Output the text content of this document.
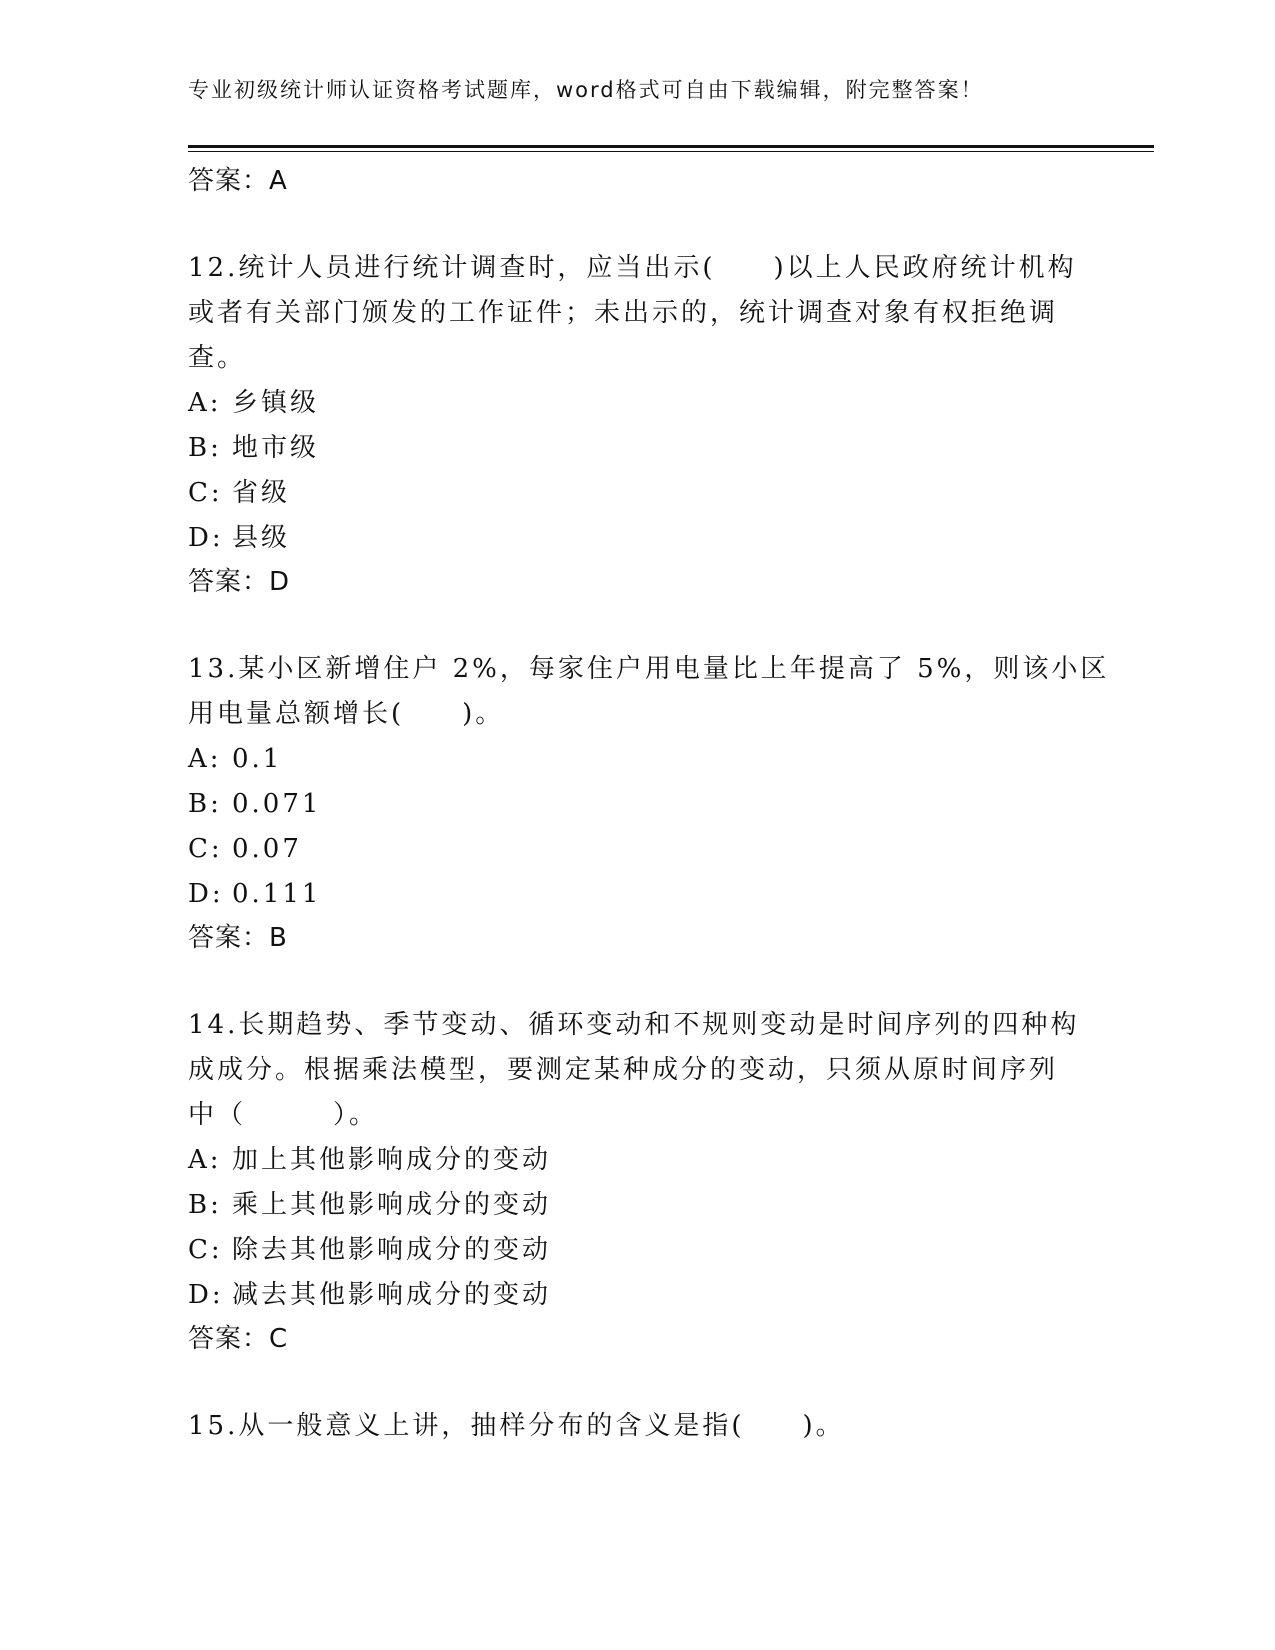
专业初级统计师认证资格考试题库，word格式可自由下载编辑，附完整答案！
答案：A
12.统计人员进行统计调查时，应当出示(　　)以上人民政府统计机构
或者有关部门颁发的工作证件；未出示的，统计调查对象有权拒绝调
查。
A: 乡镇级
B: 地市级
C: 省级
D: 县级
答案：D
13.某小区新增住户 2%，每家住户用电量比上年提高了 5%，则该小区
用电量总额增长(　　)。
A: 0.1
B: 0.071
C: 0.07
D: 0.111
答案：B
14.长期趋势、季节变动、循环变动和不规则变动是时间序列的四种构
成成分。根据乘法模型，要测定某种成分的变动，只须从原时间序列
中（　　　）。
A: 加上其他影响成分的变动
B: 乘上其他影响成分的变动
C: 除去其他影响成分的变动
D: 减去其他影响成分的变动
答案：C
15.从一般意义上讲，抽样分布的含义是指(　　)。
